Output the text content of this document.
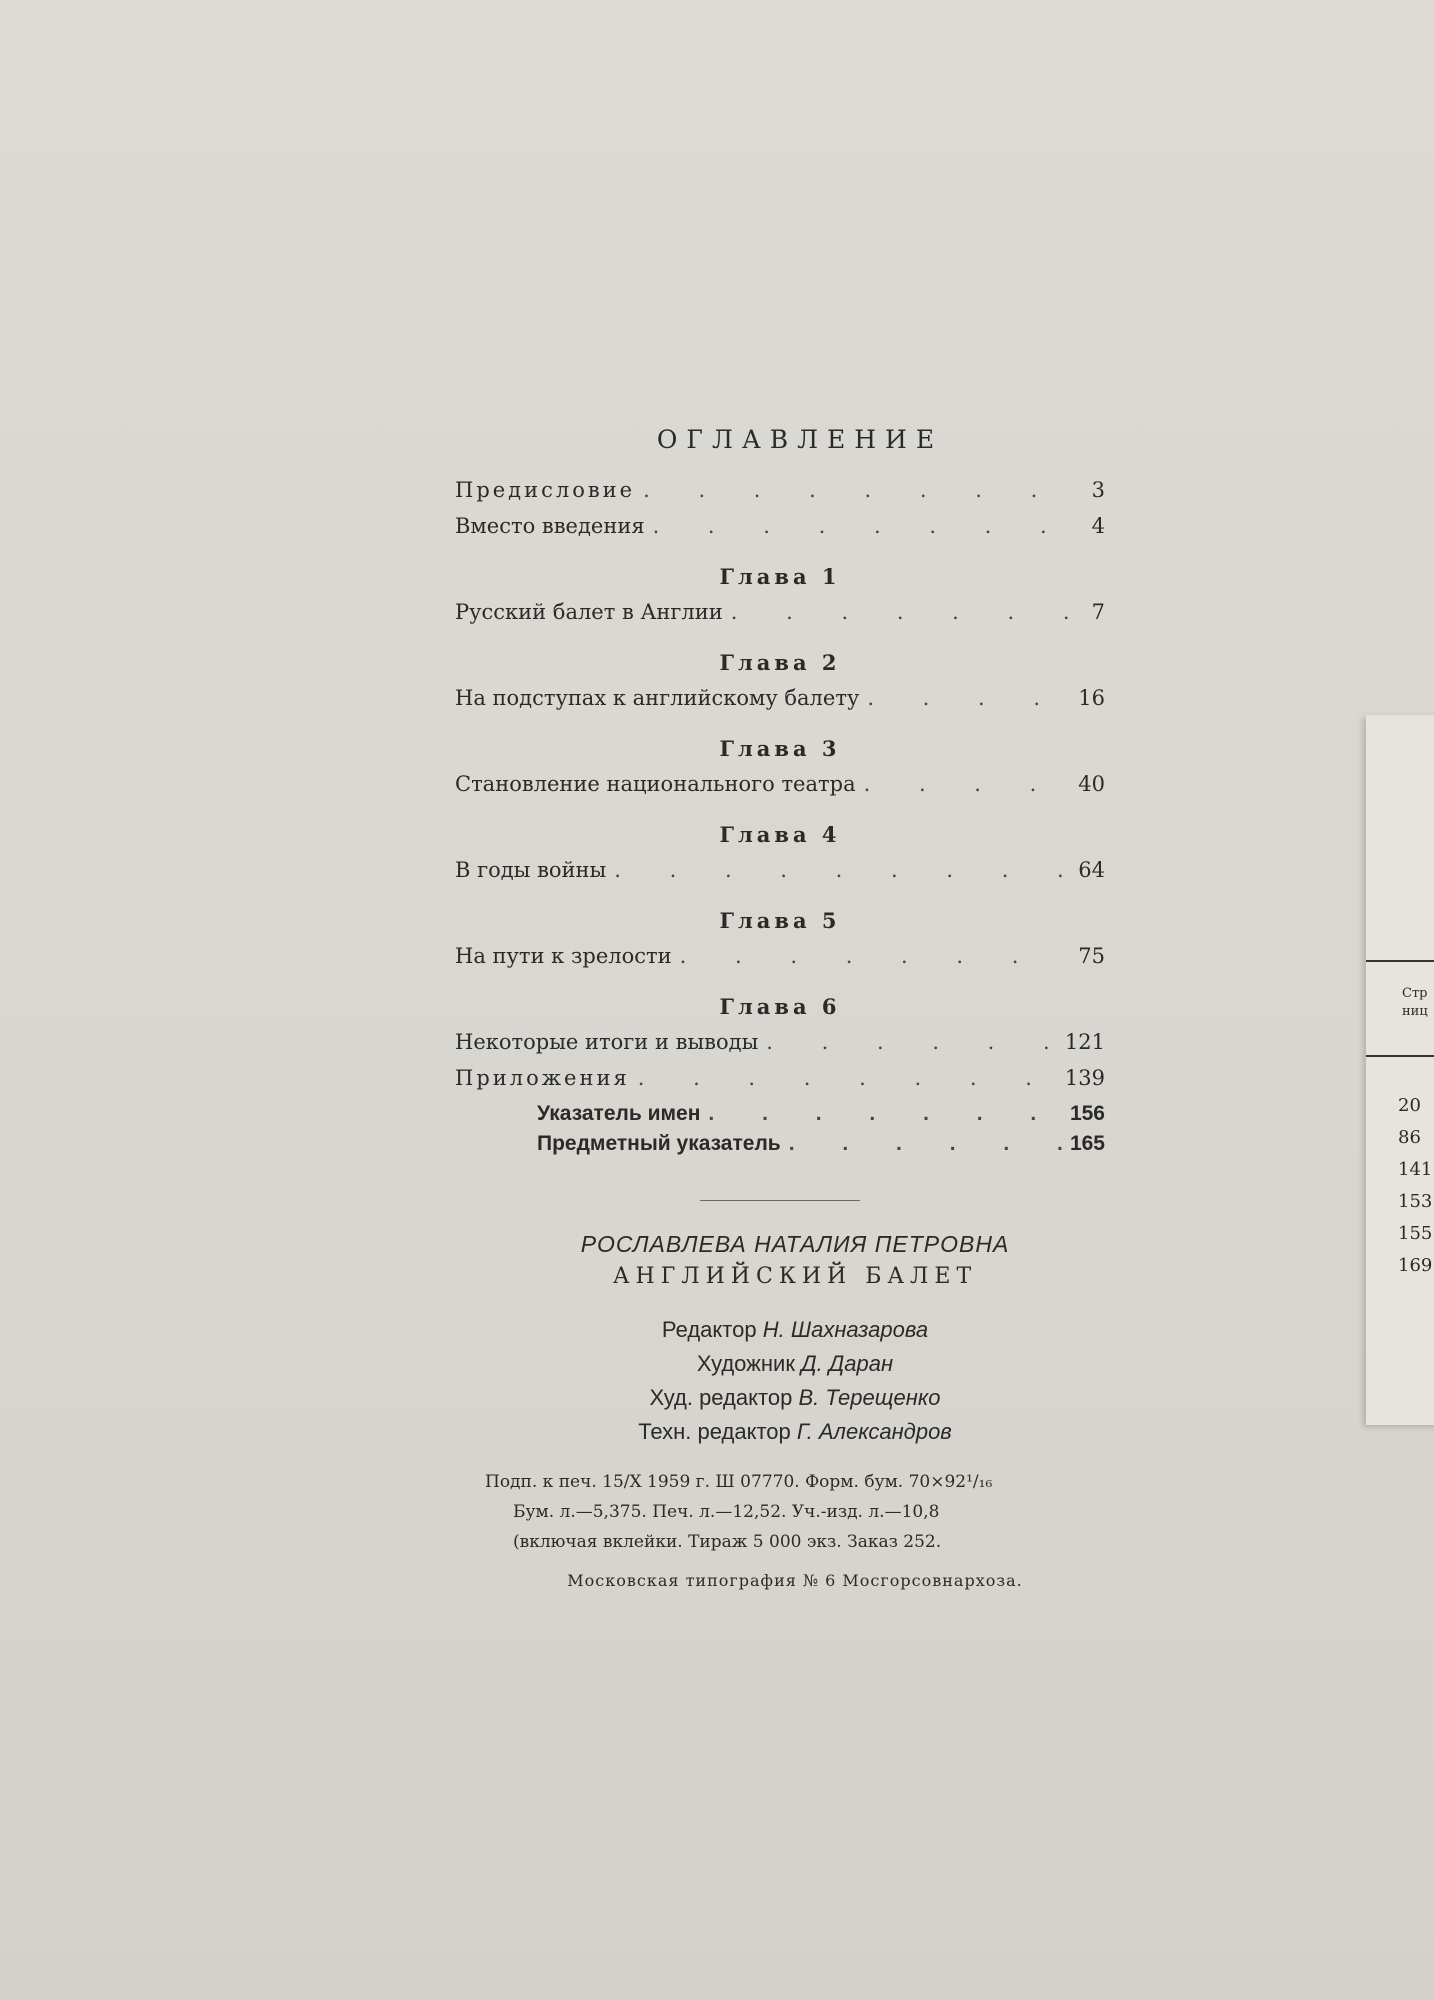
ОГЛАВЛЕНИЕ
Предисловие . . .	3
Вместо введения . . .	4
Глава 1
Русский балет в Англии . . .	7
Глава 2
На подступах к английскому балету . . .	16
Глава 3
Становление национального театра . . .	40
Глава 4
В годы войны . . .	64
Глава 5
На пути к зрелости . . .	75
Глава 6
Некоторые итоги и выводы . . .	121
Приложения . . .	139
Указатель имен . . .	156
Предметный указатель . . .	165
РОСЛАВЛЕВА НАТАЛИЯ ПЕТРОВНА
АНГЛИЙСКИЙ БАЛЕТ
Редактор Н. Шахназарова
Художник Д. Даран
Худ. редактор В. Терещенко
Техн. редактор Г. Александров
Подп. к печ. 15/X 1959 г. Ш 07770. Форм. бум. 70×92¹/₁₆
Бум. л.—5,375. Печ. л.—12,52. Уч.-изд. л.—10,8
(включая вклейки. Тираж 5 000 экз. Заказ 252.
Московская типография № 6 Мосгорсовнархоза.
Стр
ниц
20
86
141
153
155
169
